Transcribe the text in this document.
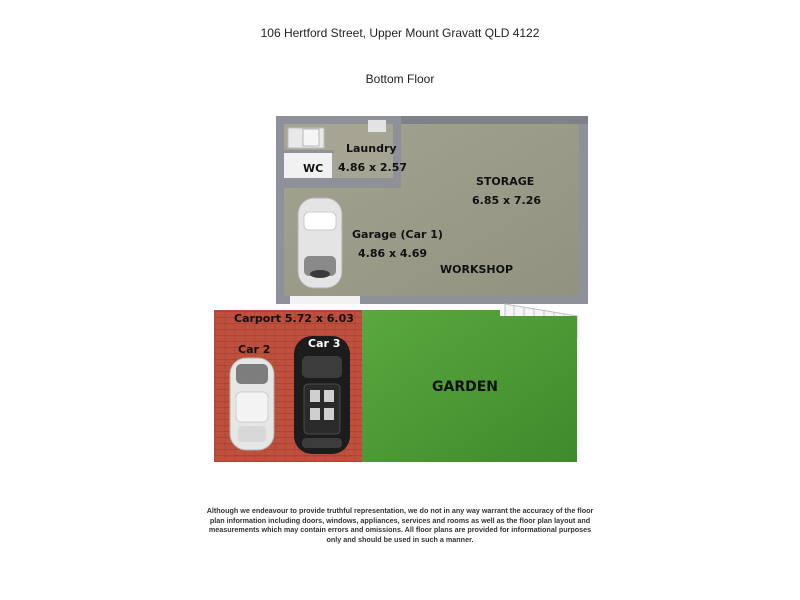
106 Hertford Street, Upper Mount Gravatt QLD 4122
Bottom Floor
Laundry
4.86 x 2.57
WC
STORAGE
6.85 x 7.26
Garage (Car 1)
4.86 x 4.69
WORKSHOP
Carport 5.72 x 6.03
Car 2	Car 3
GARDEN
Although we endeavour to provide truthful representation, we do not in any way warrant the accuracy of the floor
plan information including doors, windows, appliances, services and rooms as well as the floor plan layout and
measurements which may contain errors and omissions. All floor plans are provided for informational purposes
only and should be used in such a manner.
